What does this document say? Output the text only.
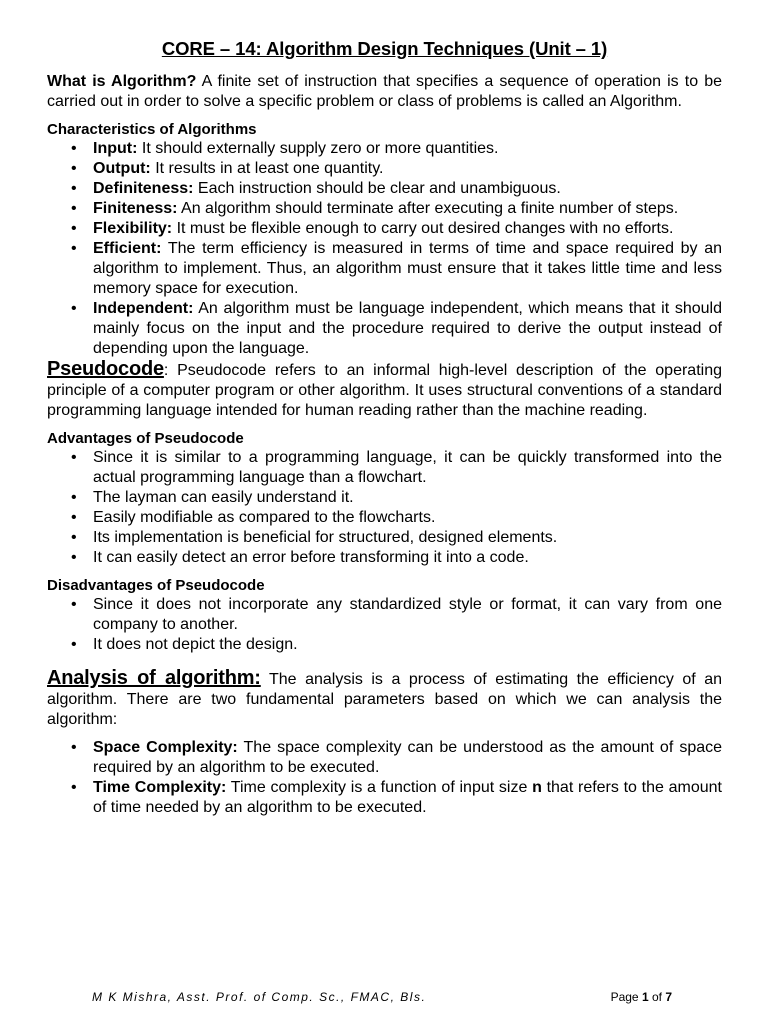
CORE – 14: Algorithm Design Techniques (Unit – 1)

What is Algorithm? A finite set of instruction that specifies a sequence of operation is to be carried out in order to solve a specific problem or class of problems is called an Algorithm.

Characteristics of Algorithms
• Input: It should externally supply zero or more quantities.
• Output: It results in at least one quantity.
• Definiteness: Each instruction should be clear and unambiguous.
• Finiteness: An algorithm should terminate after executing a finite number of steps.
• Flexibility: It must be flexible enough to carry out desired changes with no efforts.
• Efficient: The term efficiency is measured in terms of time and space required by an algorithm to implement. Thus, an algorithm must ensure that it takes little time and less memory space for execution.
• Independent: An algorithm must be language independent, which means that it should mainly focus on the input and the procedure required to derive the output instead of depending upon the language.

Pseudocode: Pseudocode refers to an informal high-level description of the operating principle of a computer program or other algorithm. It uses structural conventions of a standard programming language intended for human reading rather than the machine reading.

Advantages of Pseudocode
• Since it is similar to a programming language, it can be quickly transformed into the actual programming language than a flowchart.
• The layman can easily understand it.
• Easily modifiable as compared to the flowcharts.
• Its implementation is beneficial for structured, designed elements.
• It can easily detect an error before transforming it into a code.
Disadvantages of Pseudocode
• Since it does not incorporate any standardized style or format, it can vary from one company to another.
• It does not depict the design.

Analysis of algorithm: The analysis is a process of estimating the efficiency of an algorithm. There are two fundamental parameters based on which we can analysis the algorithm:

• Space Complexity: The space complexity can be understood as the amount of space required by an algorithm to be executed.
• Time Complexity: Time complexity is a function of input size n that refers to the amount of time needed by an algorithm to be executed.
M K Mishra, Asst. Prof. of Comp. Sc., FMAC, Bls.	Page 1 of 7
